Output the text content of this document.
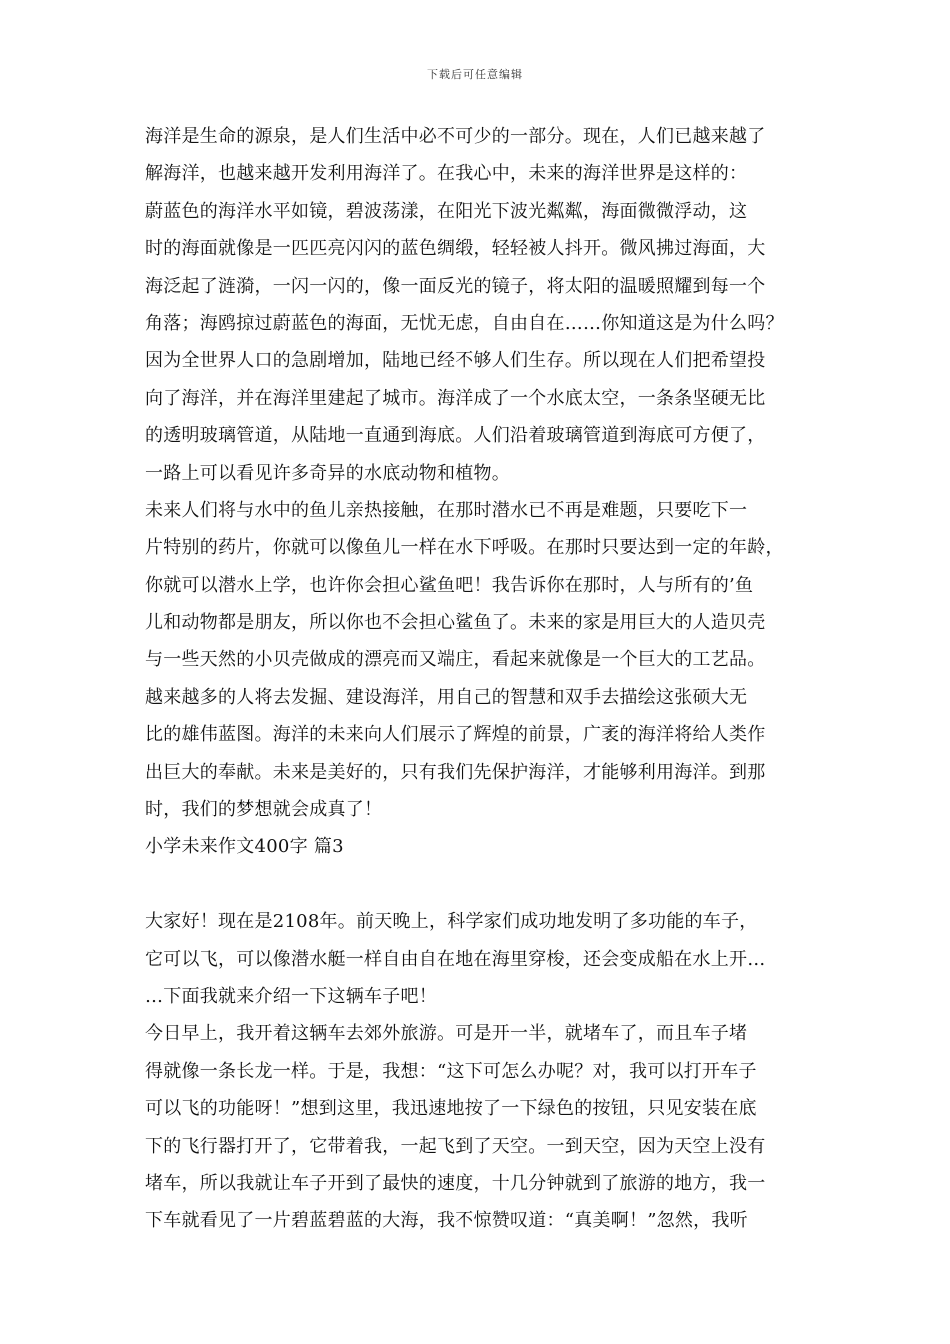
下载后可任意编辑
海洋是生命的源泉，是人们生活中必不可少的一部分。现在，人们已越来越了
解海洋，也越来越开发利用海洋了。在我心中，未来的海洋世界是这样的：
蔚蓝色的海洋水平如镜，碧波荡漾，在阳光下波光粼粼，海面微微浮动，这
时的海面就像是一匹匹亮闪闪的蓝色绸缎，轻轻被人抖开。微风拂过海面，大
海泛起了涟漪，一闪一闪的，像一面反光的镜子，将太阳的温暖照耀到每一个
角落；海鸥掠过蔚蓝色的海面，无忧无虑，自由自在……你知道这是为什么吗？
因为全世界人口的急剧增加，陆地已经不够人们生存。所以现在人们把希望投
向了海洋，并在海洋里建起了城市。海洋成了一个水底太空，一条条坚硬无比
的透明玻璃管道，从陆地一直通到海底。人们沿着玻璃管道到海底可方便了，
一路上可以看见许多奇异的水底动物和植物。
未来人们将与水中的鱼儿亲热接触，在那时潜水已不再是难题，只要吃下一
片特别的药片，你就可以像鱼儿一样在水下呼吸。在那时只要达到一定的年龄，
你就可以潜水上学，也许你会担心鲨鱼吧！我告诉你在那时，人与所有的’鱼
儿和动物都是朋友，所以你也不会担心鲨鱼了。未来的家是用巨大的人造贝壳
与一些天然的小贝壳做成的漂亮而又端庄，看起来就像是一个巨大的工艺品。
越来越多的人将去发掘、建设海洋，用自己的智慧和双手去描绘这张硕大无
比的雄伟蓝图。海洋的未来向人们展示了辉煌的前景，广袤的海洋将给人类作
出巨大的奉献。未来是美好的，只有我们先保护海洋，才能够利用海洋。到那
时，我们的梦想就会成真了！
小学未来作文400字 篇3
大家好！现在是2108年。前天晚上，科学家们成功地发明了多功能的车子，
它可以飞，可以像潜水艇一样自由自在地在海里穿梭，还会变成船在水上开…
…下面我就来介绍一下这辆车子吧！
今日早上，我开着这辆车去郊外旅游。可是开一半，就堵车了，而且车子堵
得就像一条长龙一样。于是，我想：“这下可怎么办呢？对，我可以打开车子
可以飞的功能呀！”想到这里，我迅速地按了一下绿色的按钮，只见安装在底
下的飞行器打开了，它带着我，一起飞到了天空。一到天空，因为天空上没有
堵车，所以我就让车子开到了最快的速度，十几分钟就到了旅游的地方，我一
下车就看见了一片碧蓝碧蓝的大海，我不惊赞叹道：“真美啊！”忽然，我听
